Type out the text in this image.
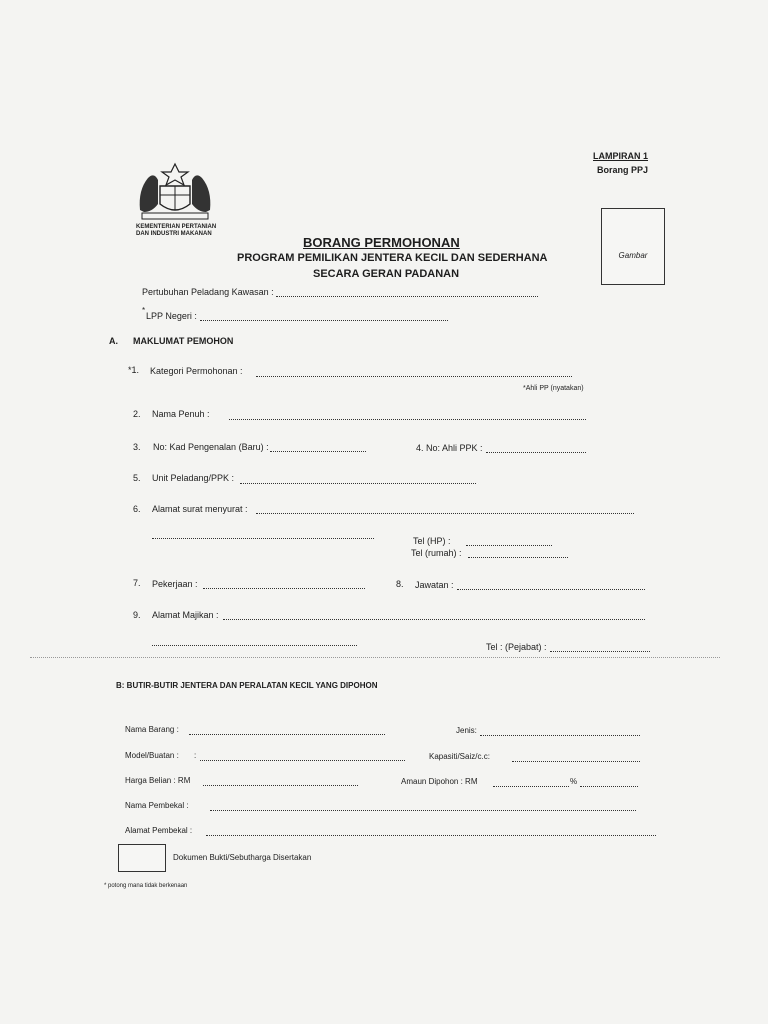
KEMENTERIAN PERTANIAN
DAN INDUSTRI MAKANAN
LAMPIRAN 1
Borang PPJ
Gambar
BORANG PERMOHONAN
PROGRAM PEMILIKAN JENTERA KECIL DAN SEDERHANA
SECARA GERAN PADANAN
Pertubuhan Peladang Kawasan :
*
LPP Negeri :
A. MAKLUMAT PEMOHON
*1. Kategori Permohonan :
*Ahli PP (nyatakan)
2. Nama Penuh :
3. No: Kad Pengenalan (Baru) :	4. No: Ahli PPK :
5. Unit Peladang/PPK :
6. Alamat surat menyurat :
Tel (HP) :
Tel (rumah) :
7. Pekerjaan :	8. Jawatan :
9. Alamat Majikan :
Tel : (Pejabat) :
B: BUTIR-BUTIR JENTERA DAN PERALATAN KECIL YANG DIPOHON
Nama Barang :	Jenis:
Model/Buatan : :	Kapasiti/Saiz/c.c:
Harga Belian : RM	Amaun Dipohon : RM	%
Nama Pembekal :
Alamat Pembekal :
Dokumen Bukti/Sebutharga Disertakan
* potong mana tidak berkenaan
